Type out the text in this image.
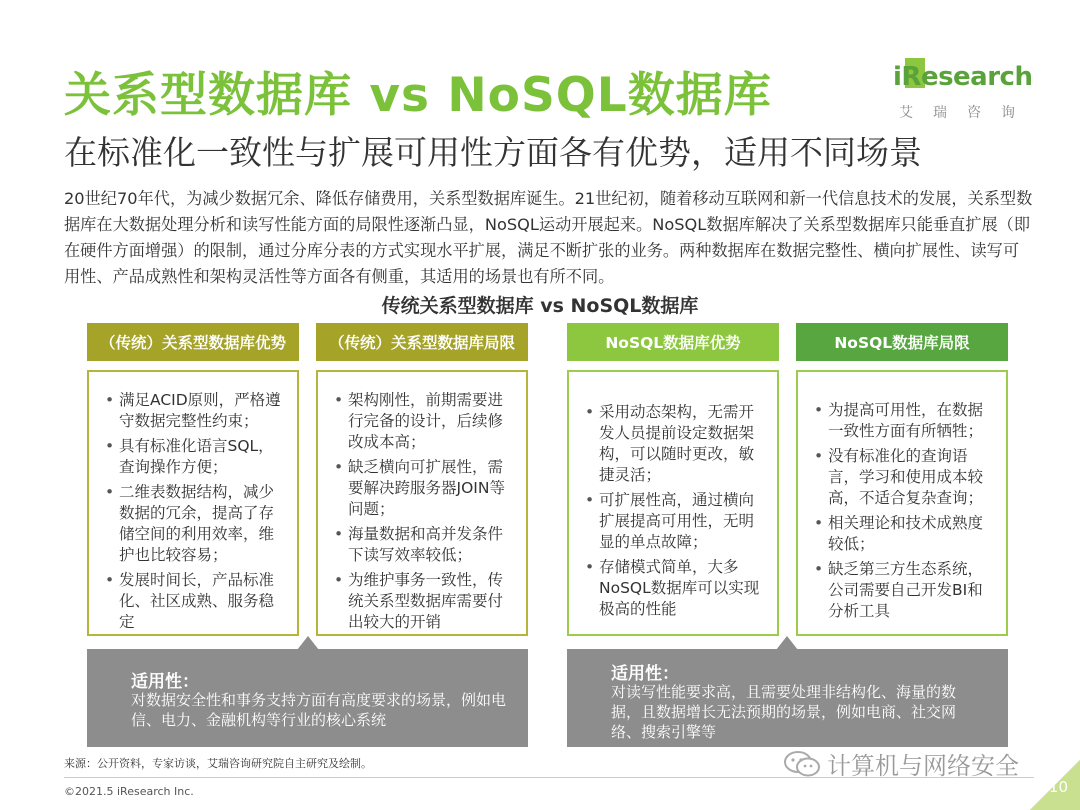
关系型数据库 vs NoSQL数据库
在标准化一致性与扩展可用性方面各有优势，适用不同场景
iResearch
艾瑞咨询
20世纪70年代，为减少数据冗余、降低存储费用，关系型数据库诞生。21世纪初，随着移动互联网和新一代信息技术的发展，关系型数据库在大数据处理分析和读写性能方面的局限性逐渐凸显，NoSQL运动开展起来。NoSQL数据库解决了关系型数据库只能垂直扩展（即在硬件方面增强）的限制，通过分库分表的方式实现水平扩展，满足不断扩张的业务。两种数据库在数据完整性、横向扩展性、读写可用性、产品成熟性和架构灵活性等方面各有侧重，其适用的场景也有所不同。
传统关系型数据库 vs NoSQL数据库
（传统）关系型数据库优势	（传统）关系型数据库局限	NoSQL数据库优势	NoSQL数据库局限
• 满足ACID原则，严格遵守数据完整性约束；
• 具有标准化语言SQL，查询操作方便；
• 二维表数据结构，减少数据的冗余，提高了存储空间的利用效率，维护也比较容易；
• 发展时间长，产品标准化、社区成熟、服务稳定
• 架构刚性，前期需要进行完备的设计，后续修改成本高；
• 缺乏横向可扩展性，需要解决跨服务器JOIN等问题；
• 海量数据和高并发条件下读写效率较低；
• 为维护事务一致性，传统关系型数据库需要付出较大的开销
• 采用动态架构，无需开发人员提前设定数据架构，可以随时更改，敏捷灵活；
• 可扩展性高，通过横向扩展提高可用性，无明显的单点故障；
• 存储模式简单，大多NoSQL数据库可以实现极高的性能
• 为提高可用性，在数据一致性方面有所牺牲；
• 没有标准化的查询语言，学习和使用成本较高，不适合复杂查询；
• 相关理论和技术成熟度较低；
• 缺乏第三方生态系统，公司需要自己开发BI和分析工具
适用性：
对数据安全性和事务支持方面有高度要求的场景，例如电信、电力、金融机构等行业的核心系统
适用性：
对读写性能要求高，且需要处理非结构化、海量的数据，且数据增长无法预期的场景，例如电商、社交网络、搜索引擎等
来源：公开资料，专家访谈，艾瑞咨询研究院自主研究及绘制。
©2021.5 iResearch Inc.
计算机与网络安全
10
